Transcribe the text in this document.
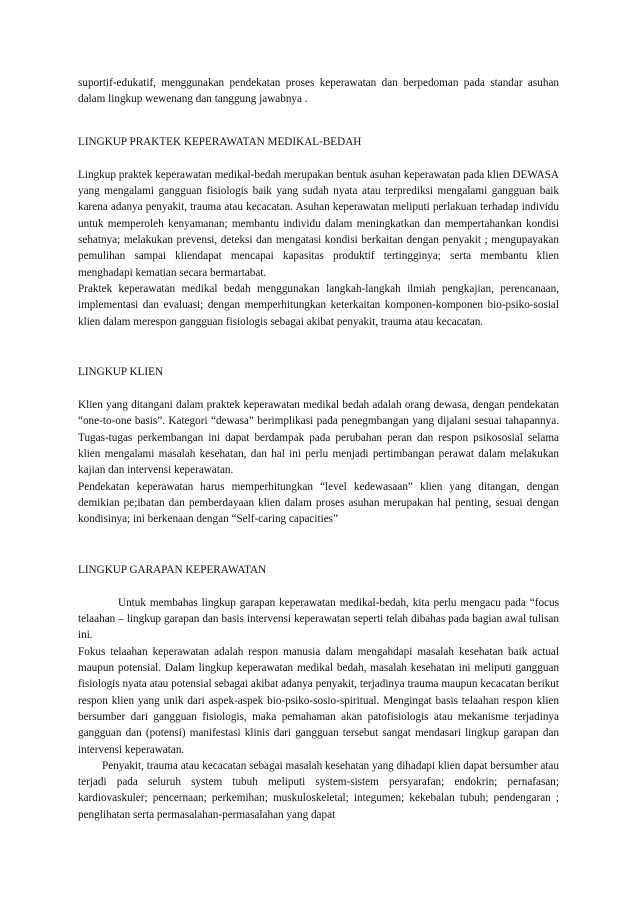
suportif-edukatif, menggunakan pendekatan proses keperawatan dan berpedoman pada standar asuhan dalam lingkup wewenang dan tanggung jawabnya .

LINGKUP PRAKTEK KEPERAWATAN MEDIKAL-BEDAH

Lingkup praktek keperawatan medikal-bedah merupakan bentuk asuhan keperawatan pada klien DEWASA yang mengalami gangguan fisiologis baik yang sudah nyata atau terprediksi mengalami gangguan baik karena adanya penyakit, trauma atau kecacatan. Asuhan keperawatan meliputi perlakuan terhadap individu untuk memperoleh kenyamanan; membantu individu dalam meningkatkan dan mempertahankan kondisi sehatnya; melakukan prevensi, deteksi dan mengatasi kondisi berkaitan dengan penyakit ; mengupayakan pemulihan sampai kliendapat mencapai kapasitas produktif tertingginya; serta membantu klien menghadapi kematian secara bermartabat.

Praktek keperawatan medikal bedah menggunakan langkah-langkah ilmiah pengkajian, perencanaan, implementasi dan evaluasi; dengan memperhitungkan keterkaitan komponen-komponen bio-psiko-sosial klien dalam merespon gangguan fisiologis sebagai akibat penyakit, trauma atau kecacatan.

LINGKUP KLIEN

Klien yang ditangani dalam praktek keperawatan medikal bedah adalah orang dewasa, dengan pendekatan “one-to-one basis”. Kategori “dewasa” berimplikasi pada penegmbangan yang dijalani sesuai tahapannya. Tugas-tugas perkembangan ini dapat berdampak pada perubahan peran dan respon psikososial selama klien mengalami masalah kesehatan, dan hal ini perlu menjadi pertimbangan perawat dalam melakukan kajian dan intervensi keperawatan.

Pendekatan keperawatan harus memperhitungkan “level kedewasaan” klien yang ditangan, dengan demikian pe;ibatan dan pemberdayaan klien dalam proses asuhan merupakan hal penting, sesuai dengan kondisinya; ini berkenaan dengan “Self-caring capacities”

LINGKUP GARAPAN KEPERAWATAN

Untuk membahas lingkup garapan keperawatan medikal-bedah, kita perlu mengacu pada “focus telaahan – lingkup garapan dan basis intervensi keperawatan seperti telah dibahas pada bagian awal tulisan ini.

Fokus telaahan keperawatan adalah respon manusia dalam mengahdapi masalah kesehatan baik actual maupun potensial. Dalam lingkup keperawatan medikal bedah, masalah kesehatan ini meliputi gangguan fisiologis nyata atau potensial sebagai akibat adanya penyakit, terjadinya trauma maupun kecacatan berikut respon klien yang unik dari aspek-aspek bio-psiko-sosio-spiritual. Mengingat basis telaahan respon klien bersumber dari gangguan fisiologis, maka pemahaman akan patofisiologis atau mekanisme terjadinya gangguan dan (potensi) manifestasi klinis dari gangguan tersebut sangat mendasari lingkup garapan dan intervensi keperawatan.

Penyakit, trauma atau kecacatan sebagai masalah kesehatan yang dihadapi klien dapat bersumber atau terjadi pada seluruh system tubuh meliputi system-sistem persyarafan; endokrin; pernafasan; kardiovaskuler; pencernaan; perkemihan; muskuloskeletal; integumen; kekebalan tubuh; pendengaran ; penglihatan serta permasalahan-permasalahan yang dapat
